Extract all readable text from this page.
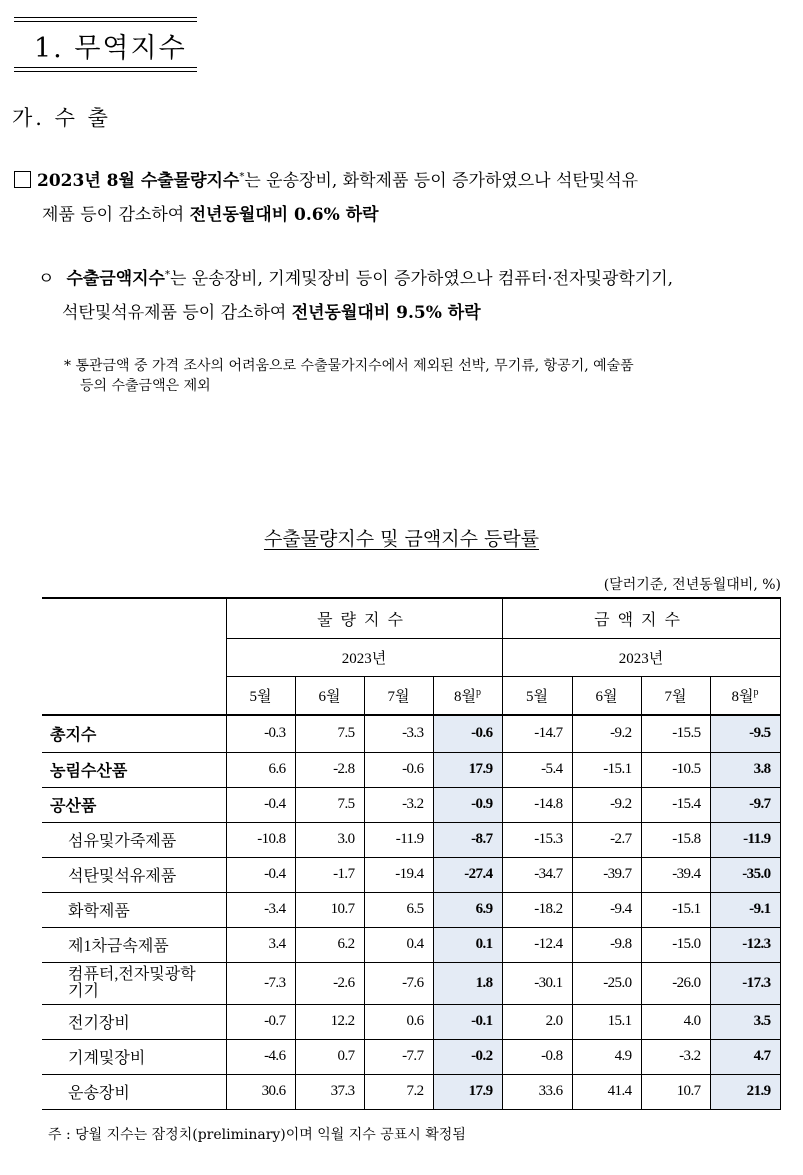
1. 무역지수
가. 수 출
2023년 8월 수출물량지수*는 운송장비, 화학제품 등이 증가하였으나 석탄및석유
제품 등이 감소하여 전년동월대비 0.6% 하락
ㅇ 수출금액지수*는 운송장비, 기계및장비 등이 증가하였으나 컴퓨터·전자및광학기기,
석탄및석유제품 등이 감소하여 전년동월대비 9.5% 하락
* 통관금액 중 가격 조사의 어려움으로 수출물가지수에서 제외된 선박, 무기류, 항공기, 예술품
등의 수출금액은 제외
수출물량지수 및 금액지수 등락률
(달러기준, 전년동월대비, %)
	물량지수				금액지수			
	2023년				2023년			
	5월	6월	7월	8월$^p$	5월	6월	7월	8월$^p$
총지수	-0.3	7.5	-3.3	-0.6	-14.7	-9.2	-15.5	-9.5
농림수산품	6.6	-2.8	-0.6	17.9	-5.4	-15.1	-10.5	3.8
공산품	-0.4	7.5	-3.2	-0.9	-14.8	-9.2	-15.4	-9.7
섬유및가죽제품	-10.8	3.0	-11.9	-8.7	-15.3	-2.7	-15.8	-11.9
석탄및석유제품	-0.4	-1.7	-19.4	-27.4	-34.7	-39.7	-39.4	-35.0
화학제품	-3.4	10.7	6.5	6.9	-18.2	-9.4	-15.1	-9.1
제1차금속제품	3.4	6.2	0.4	0.1	-12.4	-9.8	-15.0	-12.3

컴퓨터,전자및광학
기기	-7.3	-2.6	-7.6	1.8	-30.1	-25.0	-26.0	-17.3
전기장비	-0.7	12.2	0.6	-0.1	2.0	15.1	4.0	3.5
기계및장비	-4.6	0.7	-7.7	-0.2	-0.8	4.9	-3.2	4.7
운송장비	30.6	37.3	7.2	17.9	33.6	41.4	10.7	21.9
주 : 당월 지수는 잠정치(preliminary)이며 익월 지수 공표시 확정됨
